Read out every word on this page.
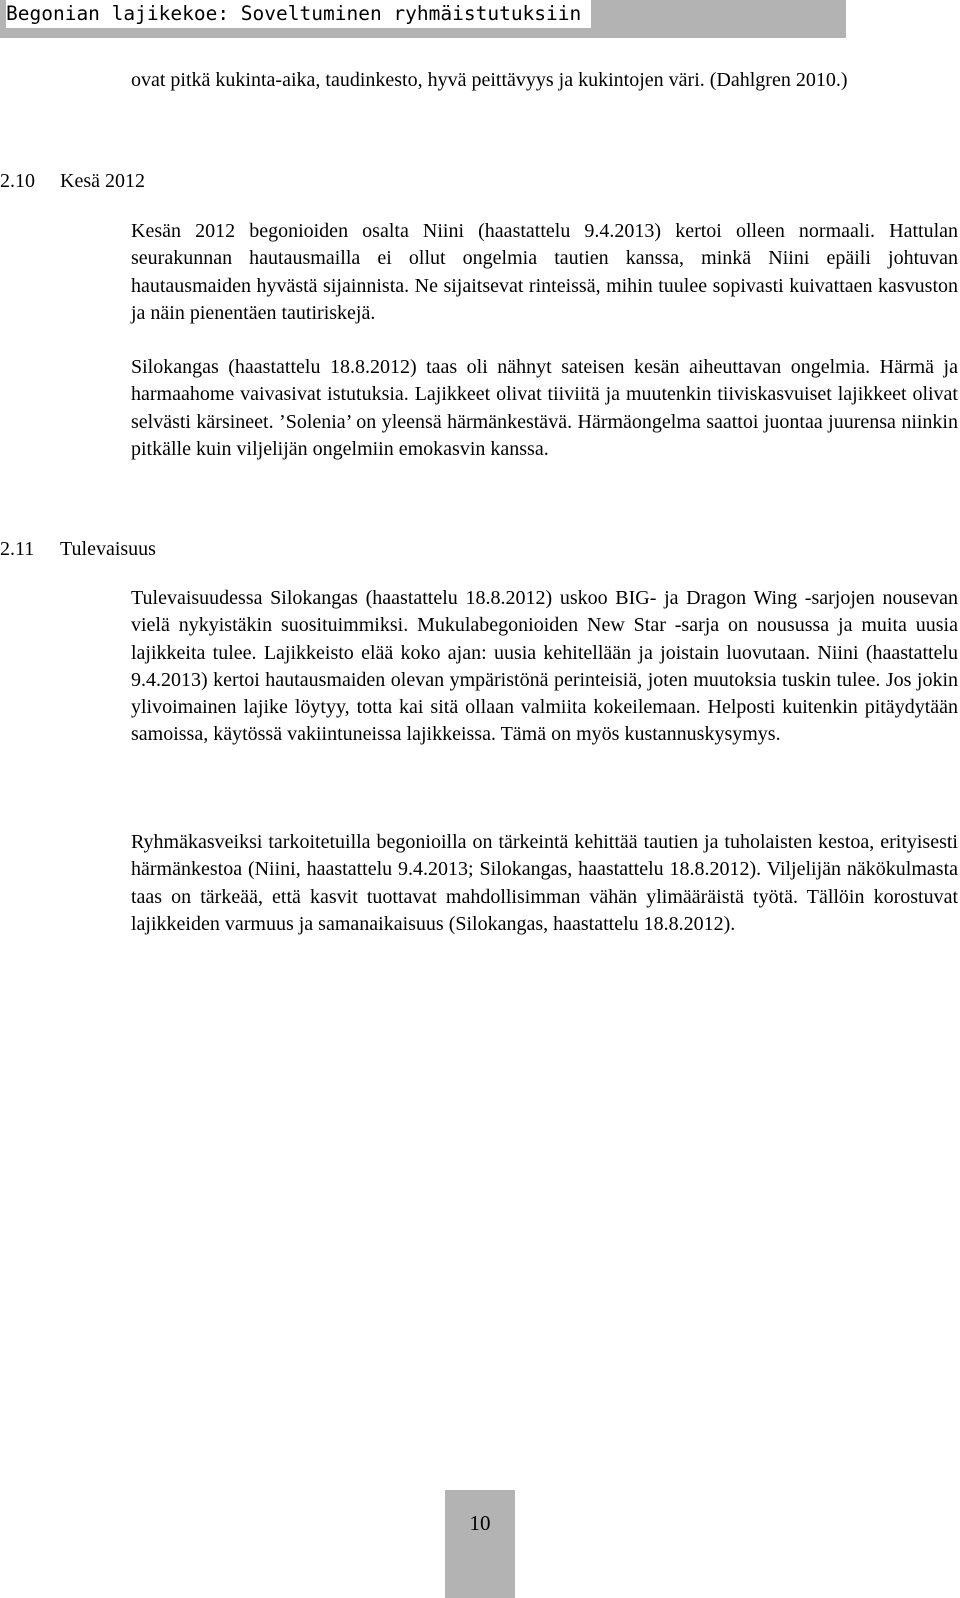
Begonian lajikekoe: Soveltuminen ryhmäistutuksiin

ovat pitkä kukinta-aika, taudinkesto, hyvä peittävyys ja kukintojen väri. (Dahlgren 2010.)

2.10 Kesä 2012

Kesän 2012 begonioiden osalta Niini (haastattelu 9.4.2013) kertoi olleen normaali. Hattulan seurakunnan hautausmailla ei ollut ongelmia tautien kanssa, minkä Niini epäili johtuvan hautausmaiden hyvästä sijainnista. Ne sijaitsevat rinteissä, mihin tuulee sopivasti kuivattaen kasvuston ja näin pienentäen tautiriskejä.

Silokangas (haastattelu 18.8.2012) taas oli nähnyt sateisen kesän aiheuttavan ongelmia. Härmä ja harmaahome vaivasivat istutuksia. Lajikkeet olivat tiiviitä ja muutenkin tiiviskasvuiset lajikkeet olivat selvästi kärsineet. ’Solenia’ on yleensä härmänkestävä. Härmäongelma saattoi juontaa juurensa niinkin pitkälle kuin viljelijän ongelmiin emokasvin kanssa.

2.11 Tulevaisuus

Tulevaisuudessa Silokangas (haastattelu 18.8.2012) uskoo BIG- ja Dragon Wing -sarjojen nousevan vielä nykyistäkin suosituimmiksi. Mukulabegonioiden New Star -sarja on nousussa ja muita uusia lajikkeita tulee. Lajikkeisto elää koko ajan: uusia kehitellään ja joistain luovutaan. Niini (haastattelu 9.4.2013) kertoi hautausmaiden olevan ympäristönä perinteisiä, joten muutoksia tuskin tulee. Jos jokin ylivoimainen lajike löytyy, totta kai sitä ollaan valmiita kokeilemaan. Helposti kuitenkin pitäydytään samoissa, käytössä vakiintuneissa lajikkeissa. Tämä on myös kustannuskysymys.

Ryhmäkasveiksi tarkoitetuilla begonioilla on tärkeintä kehittää tautien ja tuholaisten kestoa, erityisesti härmänkestoa (Niini, haastattelu 9.4.2013; Silokangas, haastattelu 18.8.2012). Viljelijän näkökulmasta taas on tärkeää, että kasvit tuottavat mahdollisimman vähän ylimääräistä työtä. Tällöin korostuvat lajikkeiden varmuus ja samanaikaisuus (Silokangas, haastattelu 18.8.2012).

10
